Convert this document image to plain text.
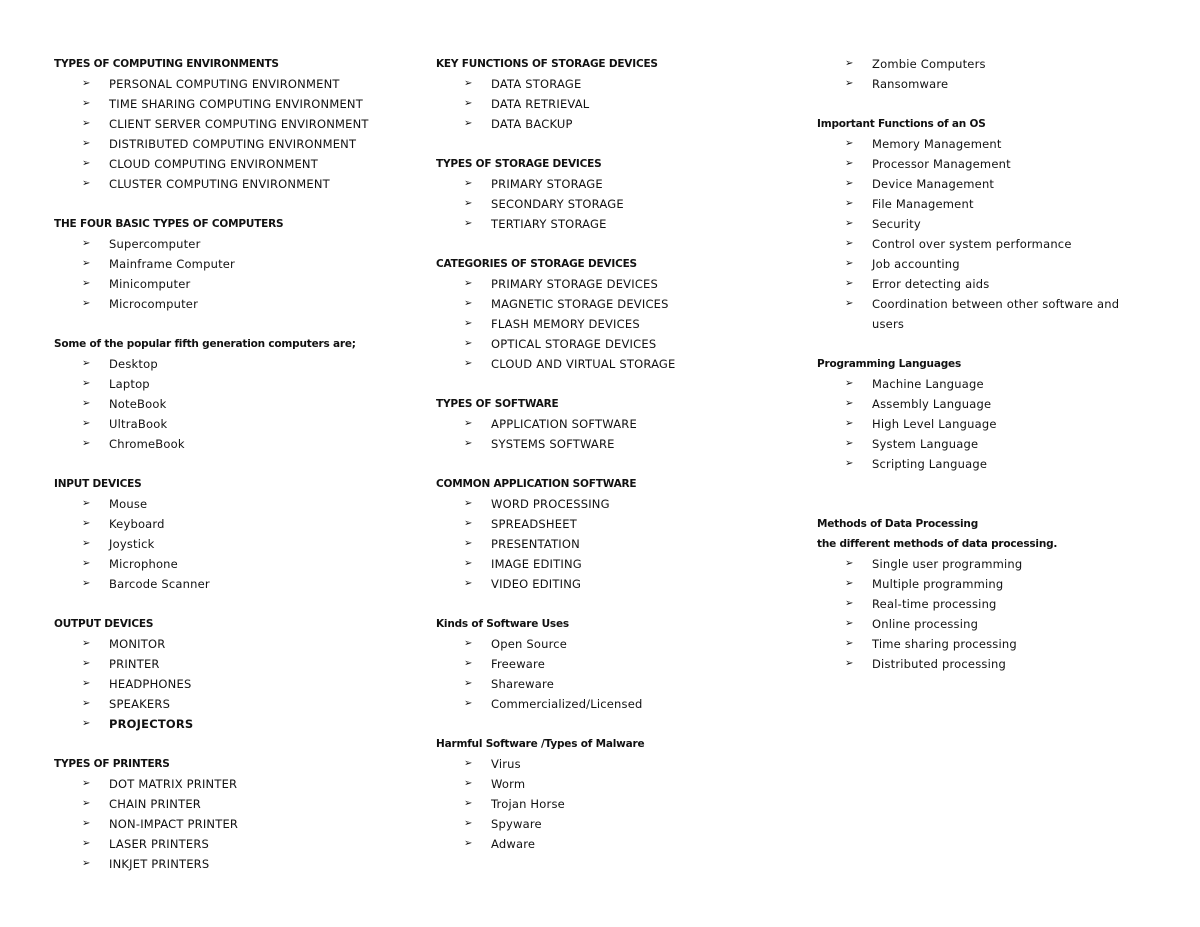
TYPES OF COMPUTING ENVIRONMENTS
➢ PERSONAL COMPUTING ENVIRONMENT
➢ TIME SHARING COMPUTING ENVIRONMENT
➢ CLIENT SERVER COMPUTING ENVIRONMENT
➢ DISTRIBUTED COMPUTING ENVIRONMENT
➢ CLOUD COMPUTING ENVIRONMENT
➢ CLUSTER COMPUTING ENVIRONMENT
THE FOUR BASIC TYPES OF COMPUTERS
➢ Supercomputer
➢ Mainframe Computer
➢ Minicomputer
➢ Microcomputer
Some of the popular fifth generation computers are;
➢ Desktop
➢ Laptop
➢ NoteBook
➢ UltraBook
➢ ChromeBook
INPUT DEVICES
➢ Mouse
➢ Keyboard
➢ Joystick
➢ Microphone
➢ Barcode Scanner
OUTPUT DEVICES
➢ MONITOR
➢ PRINTER
➢ HEADPHONES
➢ SPEAKERS
➢ PROJECTORS
TYPES OF PRINTERS
➢ DOT MATRIX PRINTER
➢ CHAIN PRINTER
➢ NON-IMPACT PRINTER
➢ LASER PRINTERS
➢ INKJET PRINTERS
KEY FUNCTIONS OF STORAGE DEVICES
➢ DATA STORAGE
➢ DATA RETRIEVAL
➢ DATA BACKUP
TYPES OF STORAGE DEVICES
➢ PRIMARY STORAGE
➢ SECONDARY STORAGE
➢ TERTIARY STORAGE
CATEGORIES OF STORAGE DEVICES
➢ PRIMARY STORAGE DEVICES
➢ MAGNETIC STORAGE DEVICES
➢ FLASH MEMORY DEVICES
➢ OPTICAL STORAGE DEVICES
➢ CLOUD AND VIRTUAL STORAGE
TYPES OF SOFTWARE
➢ APPLICATION SOFTWARE
➢ SYSTEMS SOFTWARE
COMMON APPLICATION SOFTWARE
➢ WORD PROCESSING
➢ SPREADSHEET
➢ PRESENTATION
➢ IMAGE EDITING
➢ VIDEO EDITING
Kinds of Software Uses
➢ Open Source
➢ Freeware
➢ Shareware
➢ Commercialized/Licensed
Harmful Software /Types of Malware
➢ Virus
➢ Worm
➢ Trojan Horse
➢ Spyware
➢ Adware
➢ Zombie Computers
➢ Ransomware
Important Functions of an OS
➢ Memory Management
➢ Processor Management
➢ Device Management
➢ File Management
➢ Security
➢ Control over system performance
➢ Job accounting
➢ Error detecting aids
➢ Coordination between other software and users
Programming Languages
➢ Machine Language
➢ Assembly Language
➢ High Level Language
➢ System Language
➢ Scripting Language
Methods of Data Processing
the different methods of data processing.
➢ Single user programming
➢ Multiple programming
➢ Real-time processing
➢ Online processing
➢ Time sharing processing
➢ Distributed processing
